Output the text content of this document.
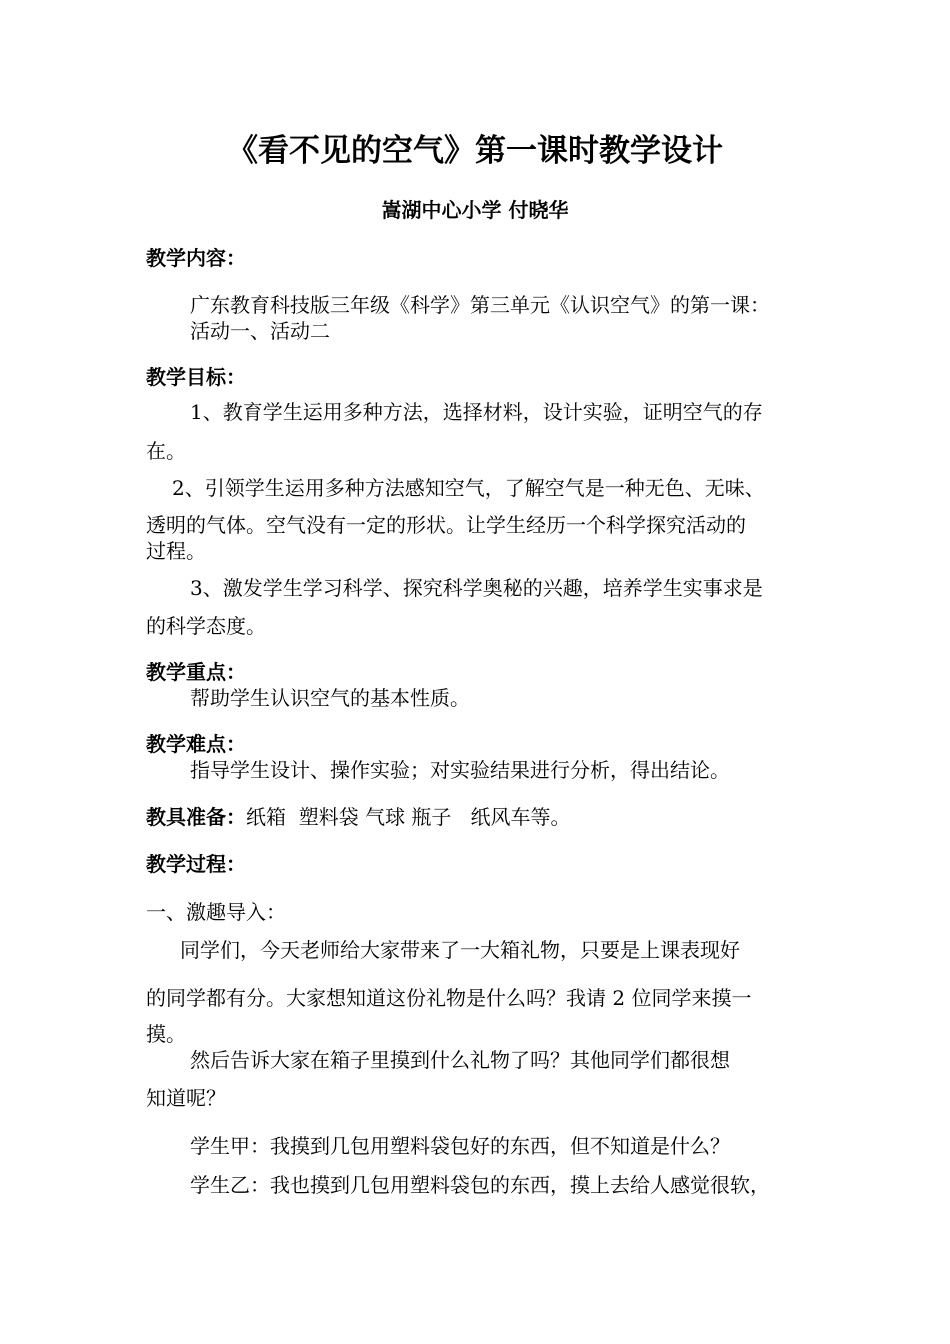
《看不见的空气》第一课时教学设计
嵩湖中心小学 付晓华
教学内容：
广东教育科技版三年级《科学》第三单元《认识空气》的第一课：
活动一、活动二
教学目标：
1、教育学生运用多种方法，选择材料，设计实验，证明空气的存
在。
2、引领学生运用多种方法感知空气，了解空气是一种无色、无味、
透明的气体。空气没有一定的形状。让学生经历一个科学探究活动的
过程。
3、激发学生学习科学、探究科学奥秘的兴趣，培养学生实事求是
的科学态度。
教学重点：
帮助学生认识空气的基本性质。
教学难点：
指导学生设计、操作实验；对实验结果进行分析，得出结论。
教具准备：纸箱  塑料袋 气球 瓶子   纸风车等。
教学过程：
一、激趣导入：
同学们，今天老师给大家带来了一大箱礼物，只要是上课表现好
的同学都有分。大家想知道这份礼物是什么吗？我请 2 位同学来摸一
摸。
然后告诉大家在箱子里摸到什么礼物了吗？其他同学们都很想
知道呢？
学生甲：我摸到几包用塑料袋包好的东西，但不知道是什么？
学生乙：我也摸到几包用塑料袋包的东西，摸上去给人感觉很软，
